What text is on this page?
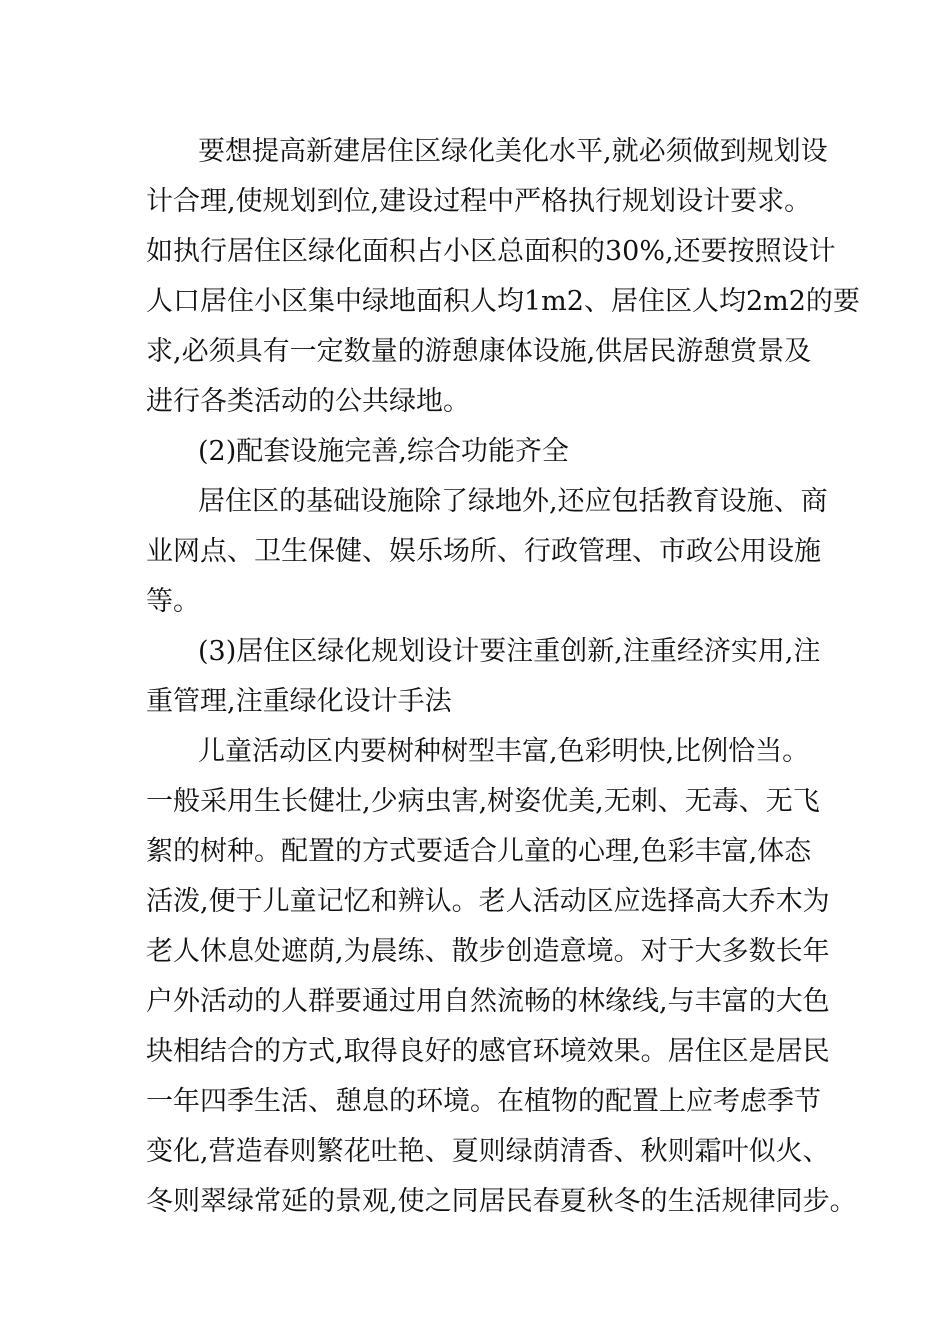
要想提高新建居住区绿化美化水平,就必须做到规划设
计合理,使规划到位,建设过程中严格执行规划设计要求。
如执行居住区绿化面积占小区总面积的30%,还要按照设计
人口居住小区集中绿地面积人均1m2、居住区人均2m2的要
求,必须具有一定数量的游憩康体设施,供居民游憩赏景及
进行各类活动的公共绿地。
(2)配套设施完善,综合功能齐全
居住区的基础设施除了绿地外,还应包括教育设施、商
业网点、卫生保健、娱乐场所、行政管理、市政公用设施
等。
(3)居住区绿化规划设计要注重创新,注重经济实用,注
重管理,注重绿化设计手法
儿童活动区内要树种树型丰富,色彩明快,比例恰当。
一般采用生长健壮,少病虫害,树姿优美,无刺、无毒、无飞
絮的树种。配置的方式要适合儿童的心理,色彩丰富,体态
活泼,便于儿童记忆和辨认。老人活动区应选择高大乔木为
老人休息处遮荫,为晨练、散步创造意境。对于大多数长年
户外活动的人群要通过用自然流畅的林缘线,与丰富的大色
块相结合的方式,取得良好的感官环境效果。居住区是居民
一年四季生活、憩息的环境。在植物的配置上应考虑季节
变化,营造春则繁花吐艳、夏则绿荫清香、秋则霜叶似火、
冬则翠绿常延的景观,使之同居民春夏秋冬的生活规律同步。
